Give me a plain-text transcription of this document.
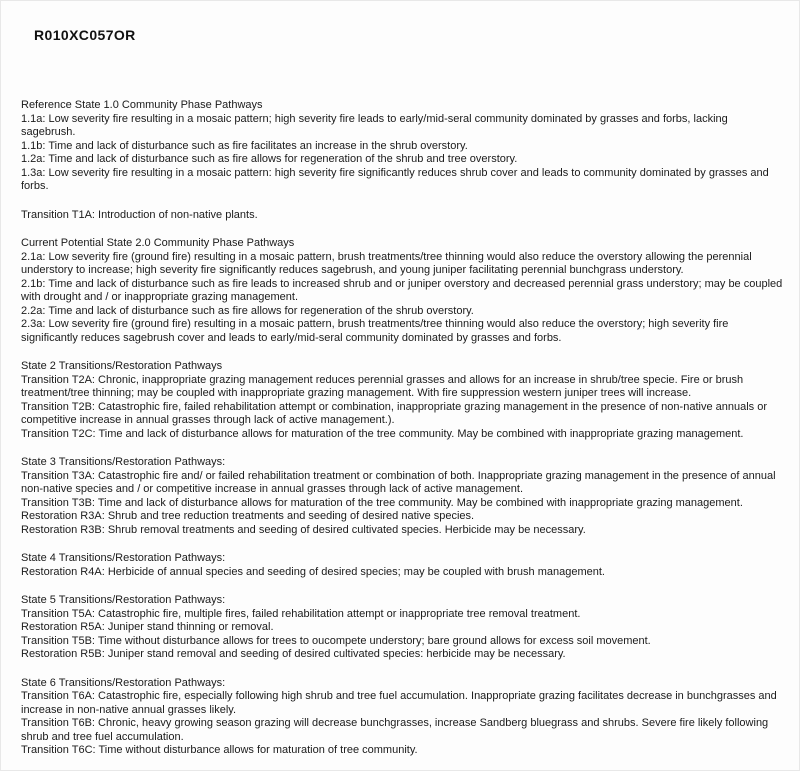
R010XC057OR

Reference State 1.0 Community Phase Pathways

1.1a: Low severity fire resulting in a mosaic pattern; high severity fire leads to early/mid-seral community dominated by grasses and forbs, lacking sagebrush.

1.1b: Time and lack of disturbance such as fire facilitates an increase in the shrub overstory.

1.2a: Time and lack of disturbance such as fire allows for regeneration of the shrub and tree overstory.

1.3a: Low severity fire resulting in a mosaic pattern: high severity fire significantly reduces shrub cover and leads to community dominated by grasses and forbs.

Transition T1A: Introduction of non-native plants.

Current Potential State 2.0 Community Phase Pathways

2.1a: Low severity fire (ground fire) resulting in a mosaic pattern, brush treatments/tree thinning would also reduce the overstory allowing the perennial understory to increase; high severity fire significantly reduces sagebrush, and young juniper facilitating perennial bunchgrass understory.

2.1b: Time and lack of disturbance such as fire leads to increased shrub and or juniper overstory and decreased perennial grass understory; may be coupled with drought and / or inappropriate grazing management.

2.2a: Time and lack of disturbance such as fire allows for regeneration of the shrub overstory.

2.3a: Low severity fire (ground fire) resulting in a mosaic pattern, brush treatments/tree thinning would also reduce the overstory; high severity fire significantly reduces sagebrush cover and leads to early/mid-seral community dominated by grasses and forbs.

State 2 Transitions/Restoration Pathways

Transition T2A: Chronic, inappropriate grazing management reduces perennial grasses and allows for an increase in shrub/tree specie. Fire or brush treatment/tree thinning; may be coupled with inappropriate grazing management. With fire suppression western juniper trees will increase.

Transition T2B: Catastrophic fire, failed rehabilitation attempt or combination, inappropriate grazing management in the presence of non-native annuals or competitive increase in annual grasses through lack of active management.).

Transition T2C: Time and lack of disturbance allows for maturation of the tree community. May be combined with inappropriate grazing management.

State 3 Transitions/Restoration Pathways:

Transition T3A: Catastrophic fire and/ or failed rehabilitation treatment or combination of both. Inappropriate grazing management in the presence of annual non-native species and / or competitive increase in annual grasses through lack of active management.

Transition T3B: Time and lack of disturbance allows for maturation of the tree community. May be combined with inappropriate grazing management.

Restoration R3A: Shrub and tree reduction treatments and seeding of desired native species.

Restoration R3B: Shrub removal treatments and seeding of desired cultivated species. Herbicide may be necessary.

State 4 Transitions/Restoration Pathways:

Restoration R4A: Herbicide of annual species and seeding of desired species; may be coupled with brush management.

State 5 Transitions/Restoration Pathways:

Transition T5A: Catastrophic fire, multiple fires, failed rehabilitation attempt or inappropriate tree removal treatment.

Restoration R5A: Juniper stand thinning or removal.

Transition T5B: Time without disturbance allows for trees to oucompete understory; bare ground allows for excess soil movement.

Restoration R5B: Juniper stand removal and seeding of desired cultivated species: herbicide may be necessary.

State 6 Transitions/Restoration Pathways:

Transition T6A: Catastrophic fire, especially following high shrub and tree fuel accumulation. Inappropriate grazing facilitates decrease in bunchgrasses and increase in non-native annual grasses likely.

Transition T6B: Chronic, heavy growing season grazing will decrease bunchgrasses, increase Sandberg bluegrass and shrubs. Severe fire likely following shrub and tree fuel accumulation.

Transition T6C: Time without disturbance allows for maturation of tree community.
